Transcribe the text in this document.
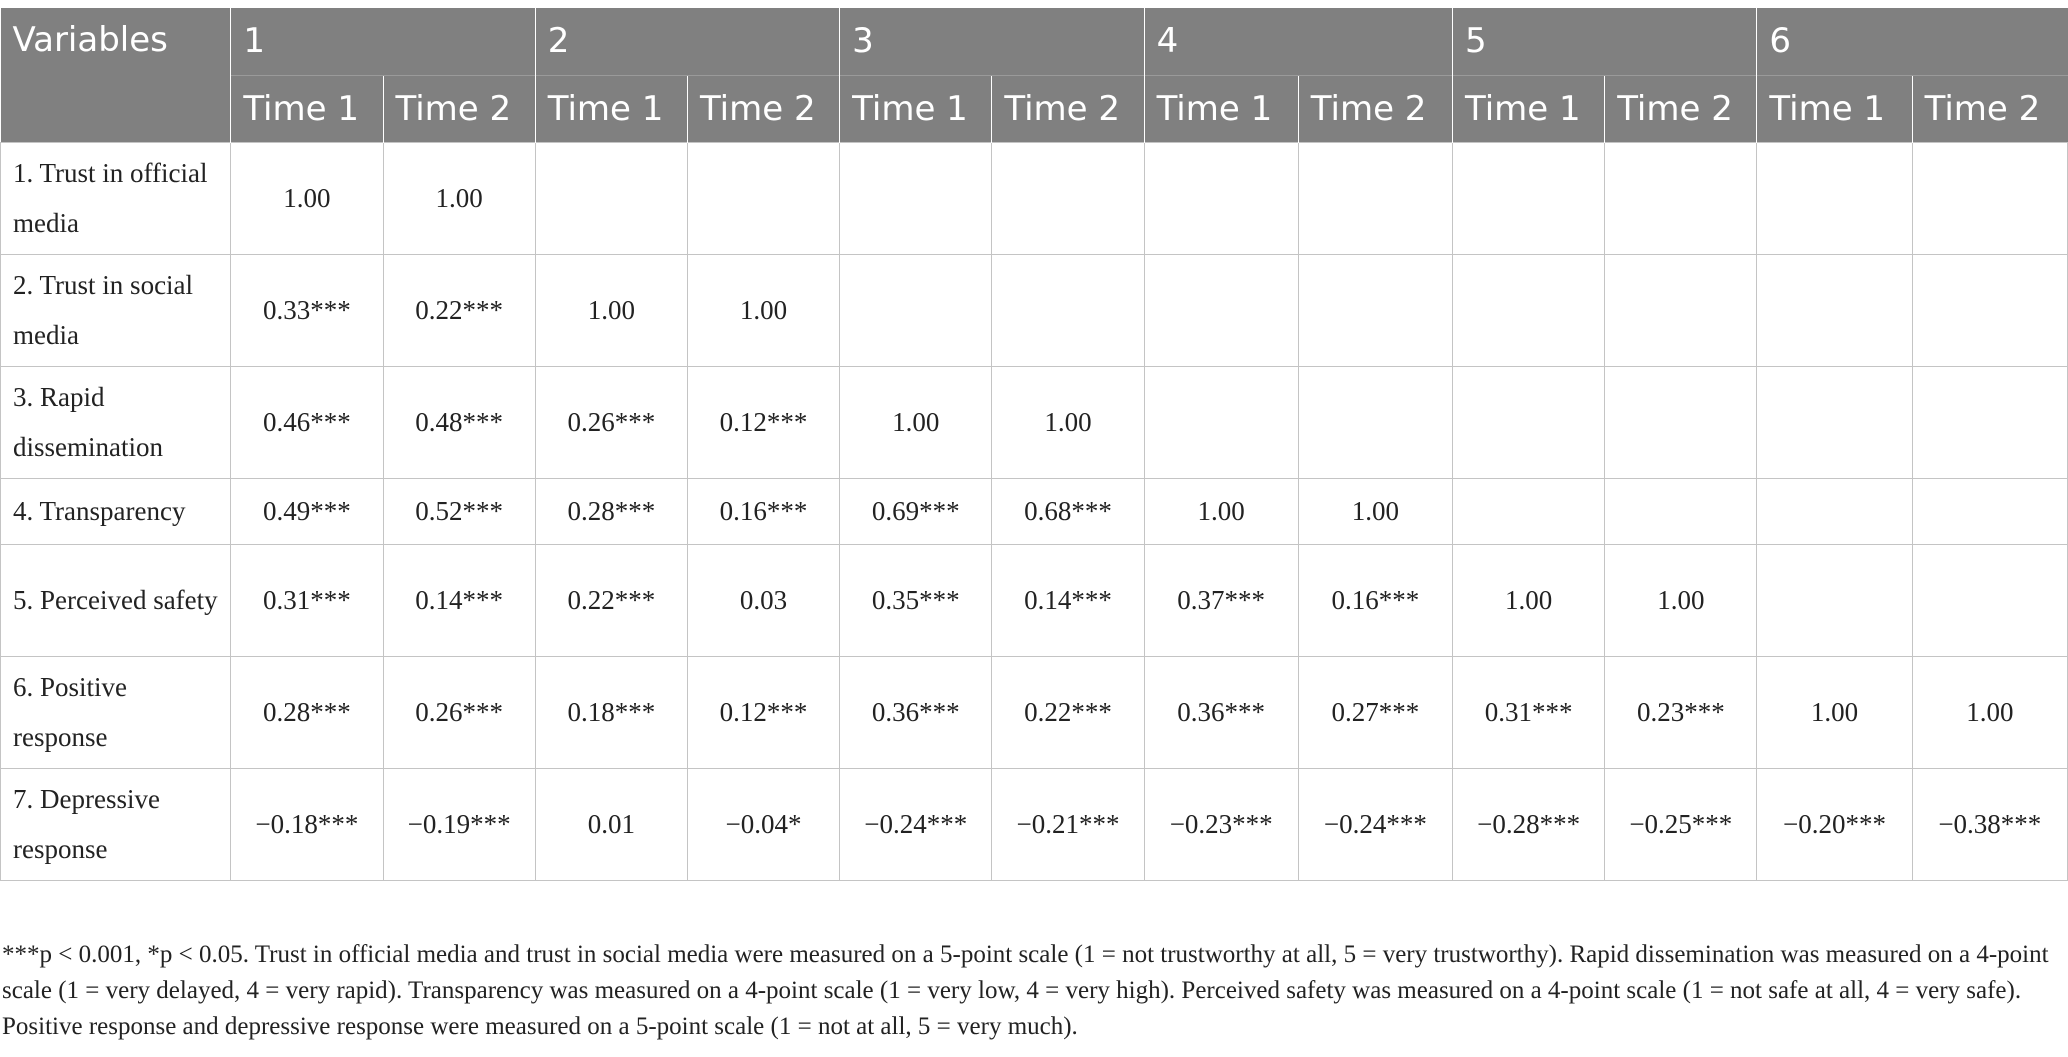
Variables	1		2		3		4		5		6	
	Time 1	Time 2	Time 1	Time 2	Time 1	Time 2	Time 1	Time 2	Time 1	Time 2	Time 1	Time 2
1. Trust in official media	1.00	1.00										
2. Trust in social media	0.33***	0.22***	1.00	1.00								
3. Rapid dissemination	0.46***	0.48***	0.26***	0.12***	1.00	1.00						
4. Transparency	0.49***	0.52***	0.28***	0.16***	0.69***	0.68***	1.00	1.00				
5. Perceived safety	0.31***	0.14***	0.22***	0.03	0.35***	0.14***	0.37***	0.16***	1.00	1.00		
6. Positive response	0.28***	0.26***	0.18***	0.12***	0.36***	0.22***	0.36***	0.27***	0.31***	0.23***	1.00	1.00
7. Depressive response	−0.18***	−0.19***	0.01	−0.04*	−0.24***	−0.21***	−0.23***	−0.24***	−0.28***	−0.25***	−0.20***	−0.38***
***p < 0.001, *p < 0.05. Trust in official media and trust in social media were measured on a 5-point scale (1 = not trustworthy at all, 5 = very trustworthy). Rapid dissemination was measured on a 4-point scale (1 = very delayed, 4 = very rapid). Transparency was measured on a 4-point scale (1 = very low, 4 = very high). Perceived safety was measured on a 4-point scale (1 = not safe at all, 4 = very safe). Positive response and depressive response were measured on a 5-point scale (1 = not at all, 5 = very much).
